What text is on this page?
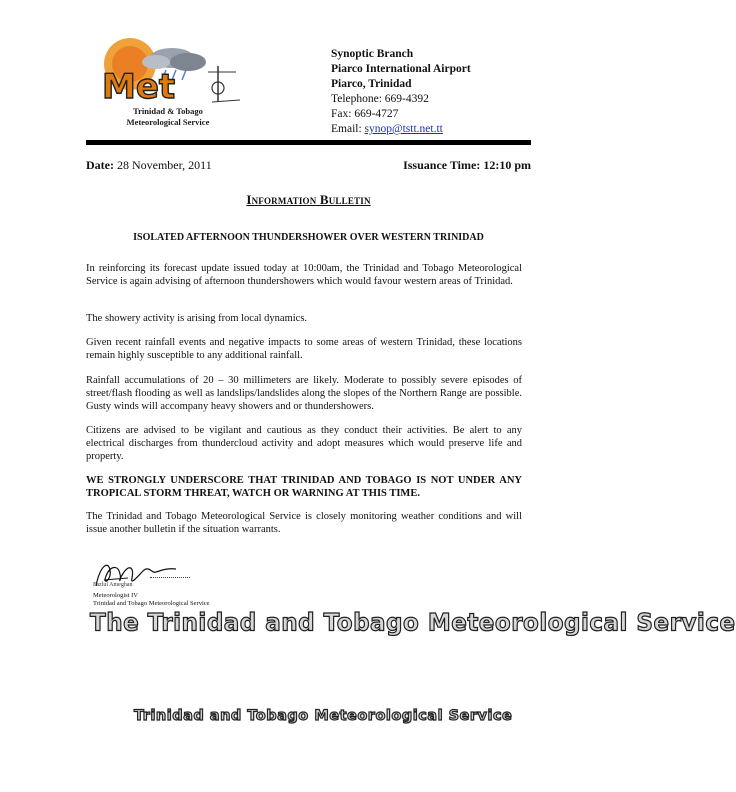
Met
Trinidad & Tobago
Meteorological Service
Synoptic Branch
Piarco International Airport
Piarco, Trinidad
Telephone: 669-4392
Fax: 669-4727
Email: synop@tstt.net.tt
Date: 28 November, 2011	Issuance Time: 12:10 pm
Information Bulletin
ISOLATED AFTERNOON THUNDERSHOWER OVER WESTERN TRINIDAD
In reinforcing its forecast update issued today at 10:00am, the Trinidad and Tobago Meteorological Service is again advising of afternoon thundershowers which would favour western areas of Trinidad.
The showery activity is arising from local dynamics.
Given recent rainfall events and negative impacts to some areas of western Trinidad, these locations remain highly susceptible to any additional rainfall.
Rainfall accumulations of 20 – 30 millimeters are likely. Moderate to possibly severe episodes of street/flash flooding as well as landslips/landslides along the slopes of the Northern Range are possible. Gusty winds will accompany heavy showers and or thundershowers.
Citizens are advised to be vigilant and cautious as they conduct their activities. Be alert to any electrical discharges from thundercloud activity and adopt measures which would preserve life and property.
WE STRONGLY UNDERSCORE THAT TRINIDAD AND TOBAGO IS NOT UNDER ANY TROPICAL STORM THREAT, WATCH OR WARNING AT THIS TIME.
The Trinidad and Tobago Meteorological Service is closely monitoring weather conditions and will issue another bulletin if the situation warrants.
Fazlul Ameghan
Meteorologist IV
Trinidad and Tobago Meteorological Service
The Trinidad and Tobago Meteorological Service
Trinidad and Tobago Meteorological Service
